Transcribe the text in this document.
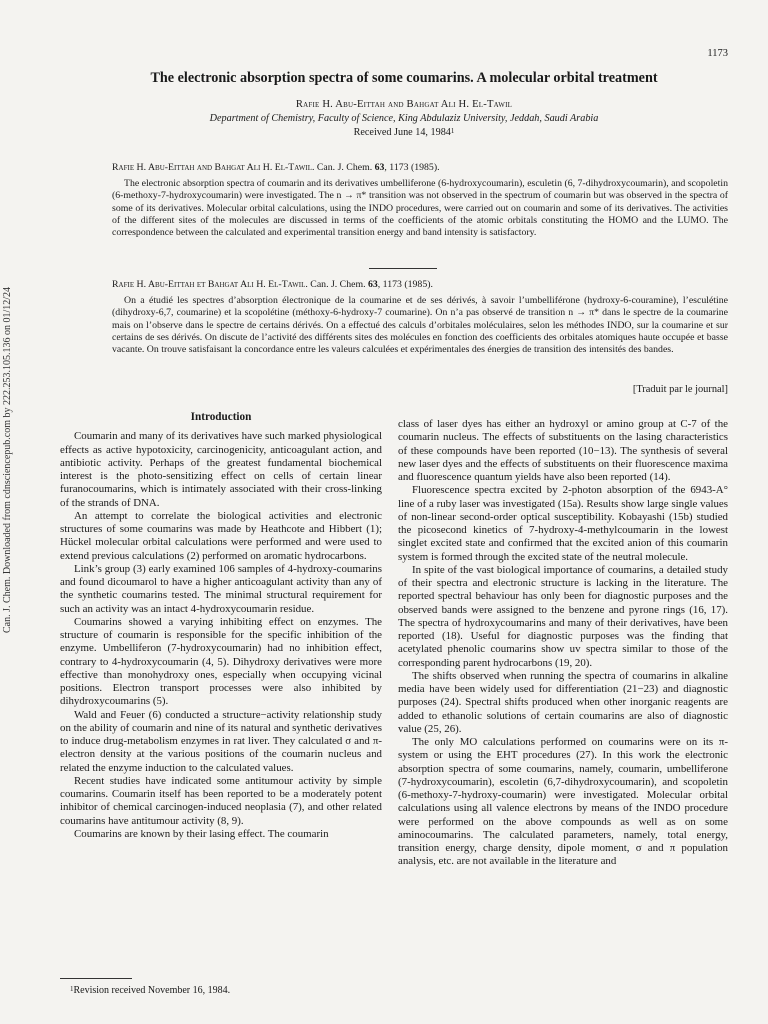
1173
Can. J. Chem. Downloaded from cdnsciencepub.com by 222.253.105.136 on 01/12/24
The electronic absorption spectra of some coumarins. A molecular orbital treatment
Rafie H. Abu-Eittah and Bahgat Ali H. El-Tawil
Department of Chemistry, Faculty of Science, King Abdulaziz University, Jeddah, Saudi Arabia
Received June 14, 1984$^1$
Rafie H. Abu-Eittah and Bahgat Ali H. El-Tawil. Can. J. Chem. 63, 1173 (1985).
The electronic absorption spectra of coumarin and its derivatives umbelliferone (6-hydroxycoumarin), esculetin (6, 7-dihydroxycoumarin), and scopoletin (6-methoxy-7-hydroxycoumarin) were investigated. The n → π* transition was not observed in the spectrum of coumarin but was observed in the spectra of some of its derivatives. Molecular orbital calculations, using the INDO procedures, were carried out on coumarin and some of its derivatives. The activities of the different sites of the molecules are discussed in terms of the coefficients of the atomic orbitals constituting the HOMO and the LUMO. The correspondence between the calculated and experimental transition energy and band intensity is satisfactory.
Rafie H. Abu-Eittah et Bahgat Ali H. El-Tawil. Can. J. Chem. 63, 1173 (1985).
On a étudié les spectres d’absorption électronique de la coumarine et de ses dérivés, à savoir l’umbelliférone (hydroxy-6-couramine), l’esculétine (dihydroxy-6,7, coumarine) et la scopolétine (méthoxy-6-hydroxy-7 coumarine). On n’a pas observé de transition n → π* dans le spectre de la coumarine mais on l’observe dans le spectre de certains dérivés. On a effectué des calculs d’orbitales moléculaires, selon les méthodes INDO, sur la coumarine et sur certains de ses dérivés. On discute de l’activité des différents sites des molécules en fonction des coefficients des orbitales atomiques haute occupée et basse vacante. On trouve satisfaisant la concordance entre les valeurs calculées et expérimentales des énergies de transition des intensités des bandes.
[Traduit par le journal]
Introduction

Coumarin and many of its derivatives have such marked physiological effects as active hypotoxicity, carcinogenicity, anticoagulant action, and antibiotic activity. Perhaps of the greatest fundamental biochemical interest is the photo-sensitizing effect on cells of certain linear furanocoumarins, which is intimately associated with their cross-linking of the strands of DNA.

An attempt to correlate the biological activities and electronic structures of some coumarins was made by Heathcote and Hibbert (1); Hückel molecular orbital calculations were performed and were used to extend previous calculations (2) performed on aromatic hydrocarbons.

Link’s group (3) early examined 106 samples of 4-hydroxy-coumarins and found dicoumarol to have a higher anticoagulant activity than any of the synthetic coumarins tested. The minimal structural requirement for such an activity was an intact 4-hydroxycoumarin residue.

Coumarins showed a varying inhibiting effect on enzymes. The structure of coumarin is responsible for the specific inhibition of the enzyme. Umbelliferon (7-hydroxycoumarin) had no inhibition effect, contrary to 4-hydroxycoumarin (4, 5). Dihydroxy derivatives were more effective than monohydroxy ones, especially when occupying vicinal positions. Electron transport processes were also inhibited by dihydroxycoumarins (5).

Wald and Feuer (6) conducted a structure−activity relationship study on the ability of coumarin and nine of its natural and synthetic derivatives to induce drug-metabolism enzymes in rat liver. They calculated σ and π-electron density at the various positions of the coumarin nucleus and related the enzyme induction to the calculated values.

Recent studies have indicated some antitumour activity by simple coumarins. Coumarin itself has been reported to be a moderately potent inhibitor of chemical carcinogen-induced neoplasia (7), and other related coumarins have antitumour activity (8, 9).

Coumarins are known by their lasing effect. The coumarin

class of laser dyes has either an hydroxyl or amino group at C-7 of the coumarin nucleus. The effects of substituents on the lasing characteristics of these compounds have been reported (10−13). The synthesis of several new laser dyes and the effects of substituents on their fluorescence maxima and fluorescence quantum yields have also been reported (14).

Fluorescence spectra excited by 2-photon absorption of the 6943-A° line of a ruby laser was investigated (15a). Results show large single values of non-linear second-order optical susceptibility. Kobayashi (15b) studied the picosecond kinetics of 7-hydroxy-4-methylcoumarin in the lowest singlet excited state and confirmed that the excited anion of this coumarin system is formed through the excited state of the neutral molecule.

In spite of the vast biological importance of coumarins, a detailed study of their spectra and electronic structure is lacking in the literature. The reported spectral behaviour has only been for diagnostic purposes and the observed bands were assigned to the benzene and pyrone rings (16, 17). The spectra of hydroxycoumarins and many of their derivatives, have been reported (18). Useful for diagnostic purposes was the finding that acetylated phenolic coumarins show uv spectra similar to those of the corresponding parent hydrocarbons (19, 20).

The shifts observed when running the spectra of coumarins in alkaline media have been widely used for differentiation (21−23) and diagnostic purposes (24). Spectral shifts produced when other inorganic reagents are added to ethanolic solutions of certain coumarins are also of diagnostic value (25, 26).

The only MO calculations performed on coumarins were on its π-system or using the EHT procedures (27). In this work the electronic absorption spectra of some coumarins, namely, coumarin, umbelliferone (7-hydroxycoumarin), escoletin (6,7-dihydroxycoumarin), and scopoletin (6-methoxy-7-hydroxy-coumarin) were investigated. Molecular orbital calculations using all valence electrons by means of the INDO procedure were performed on the above compounds as well as on some aminocoumarins. The calculated parameters, namely, total energy, transition energy, charge density, dipole moment, σ and π population analysis, etc. are not available in the literature and

$^1$Revision received November 16, 1984.
